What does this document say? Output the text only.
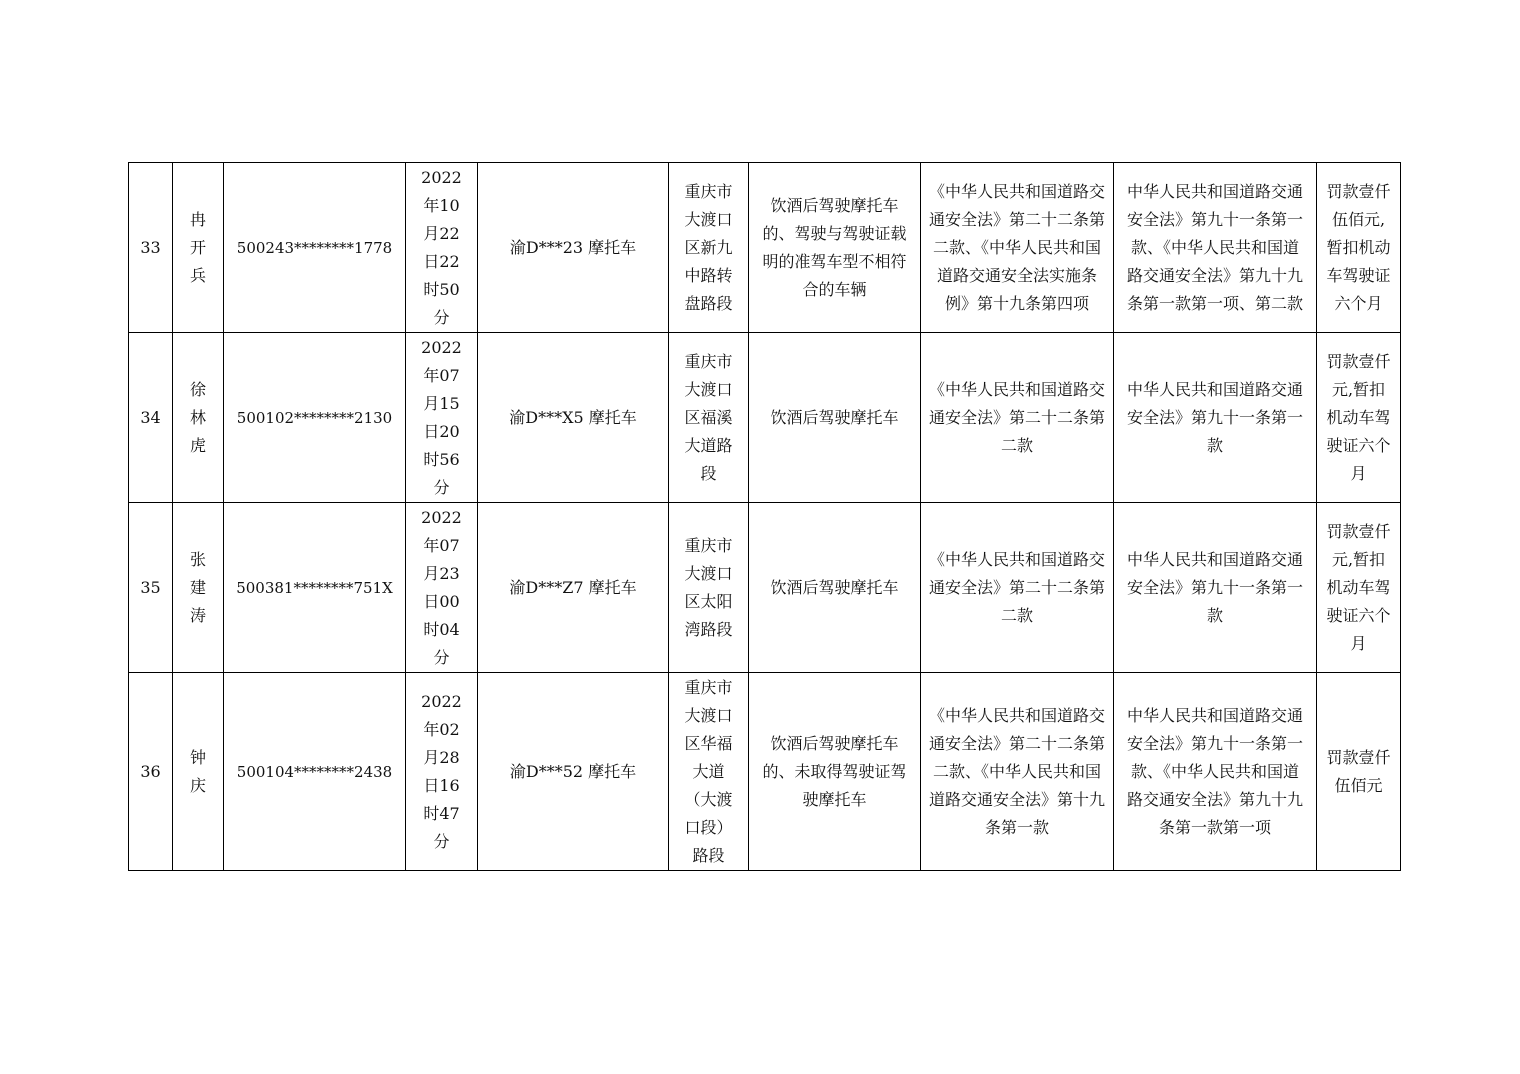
33	冉开兵	500243********1778	2022年10月22日22时50分	渝D***23 摩托车	重庆市大渡口区新九中路转盘路段	饮酒后驾驶摩托车的、驾驶与驾驶证载明的准驾车型不相符合的车辆	《中华人民共和国道路交通安全法》第二十二条第二款、《中华人民共和国道路交通安全法实施条例》第十九条第四项	中华人民共和国道路交通安全法》第九十一条第一款、《中华人民共和国道路交通安全法》第九十九条第一款第一项、第二款	罚款壹仟伍佰元,暂扣机动车驾驶证六个月

34	徐林虎	500102********2130	2022年07月15日20时56分	渝D***X5 摩托车	重庆市大渡口区福溪大道路段	饮酒后驾驶摩托车	《中华人民共和国道路交通安全法》第二十二条第二款	中华人民共和国道路交通安全法》第九十一条第一款	罚款壹仟元,暂扣机动车驾驶证六个月

35	张建涛	500381********751X	2022年07月23日00时04分	渝D***Z7 摩托车	重庆市大渡口区太阳湾路段	饮酒后驾驶摩托车	《中华人民共和国道路交通安全法》第二十二条第二款	中华人民共和国道路交通安全法》第九十一条第一款	罚款壹仟元,暂扣机动车驾驶证六个月

36	钟庆	500104********2438	2022年02月28日16时47分	渝D***52 摩托车	重庆市大渡口区华福大道（大渡口段）路段	饮酒后驾驶摩托车的、未取得驾驶证驾驶摩托车	《中华人民共和国道路交通安全法》第二十二条第二款、《中华人民共和国道路交通安全法》第十九条第一款	中华人民共和国道路交通安全法》第九十一条第一款、《中华人民共和国道路交通安全法》第九十九条第一款第一项	罚款壹仟伍佰元
